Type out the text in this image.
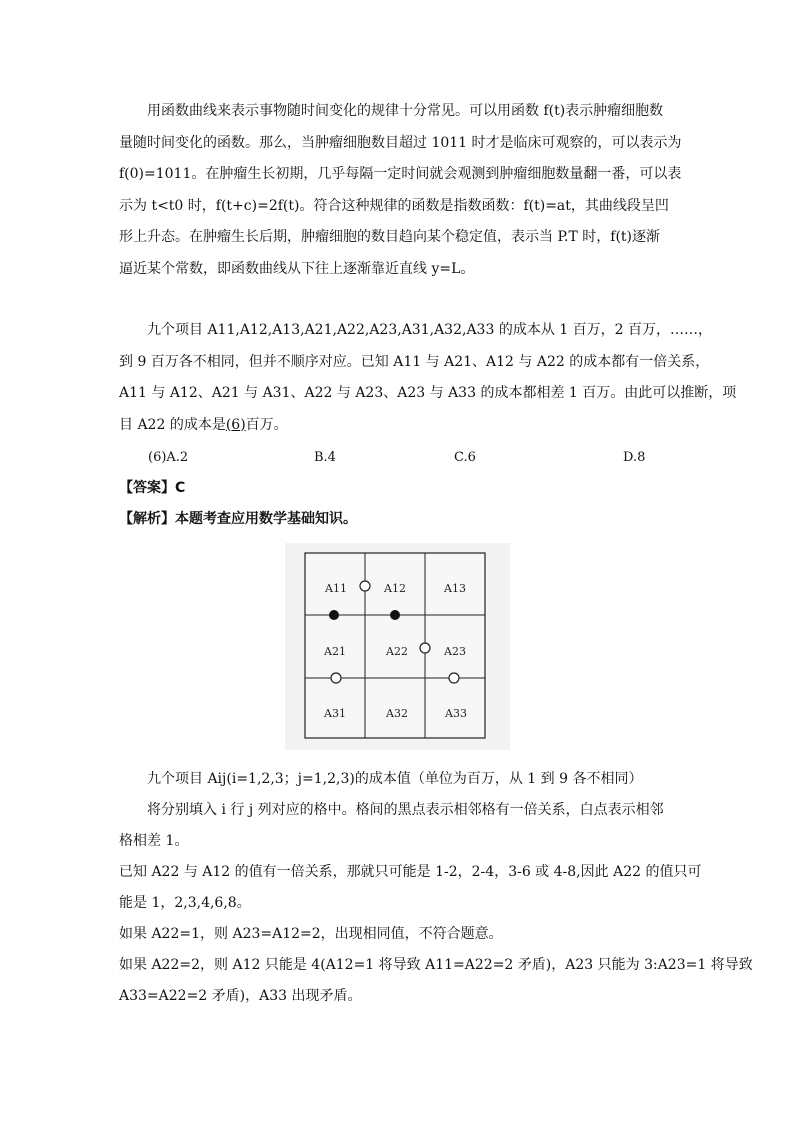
用函数曲线来表示事物随时间变化的规律十分常见。可以用函数 f(t)表示肿瘤细胞数
量随时间变化的函数。那么，当肿瘤细胞数目超过 1011 时才是临床可观察的，可以表示为
f(0)=1011。在肿瘤生长初期，几乎每隔一定时间就会观测到肿瘤细胞数量翻一番，可以表
示为 t<t0 时，f(t+c)=2f(t)。符合这种规律的函数是指数函数：f(t)=at，其曲线段呈凹
形上升态。在肿瘤生长后期，肿瘤细胞的数目趋向某个稳定值，表示当 P.T 时，f(t)逐渐
逼近某个常数，即函数曲线从下往上逐渐靠近直线 y=L。

九个项目 A11,A12,A13,A21,A22,A23,A31,A32,A33 的成本从 1 百万，2 百万，……，
到 9 百万各不相同，但并不顺序对应。已知 A11 与 A21、A12 与 A22 的成本都有一倍关系，
A11 与 A12、A21 与 A31、A22 与 A23、A23 与 A33 的成本都相差 1 百万。由此可以推断，项
目 A22 的成本是(6)百万。

(6)A.2	B.4	C.6	D.8
【答案】C
【解析】本题考查应用数学基础知识。
A11	A12	A13
A21	A22	A23
A31	A32	A33

九个项目 Aij(i=1,2,3；j=1,2,3)的成本值（单位为百万，从 1 到 9 各不相同）
将分别填入 i 行 j 列对应的格中。格间的黑点表示相邻格有一倍关系，白点表示相邻
格相差 1。
已知 A22 与 A12 的值有一倍关系，那就只可能是 1-2，2-4，3-6 或 4-8,因此 A22 的值只可
能是 1，2,3,4,6,8。
如果 A22=1，则 A23=A12=2，出现相同值，不符合题意。
如果 A22=2，则 A12 只能是 4(A12=1 将导致 A11=A22=2 矛盾)，A23 只能为 3:A23=1 将导致
A33=A22=2 矛盾)，A33 出现矛盾。
